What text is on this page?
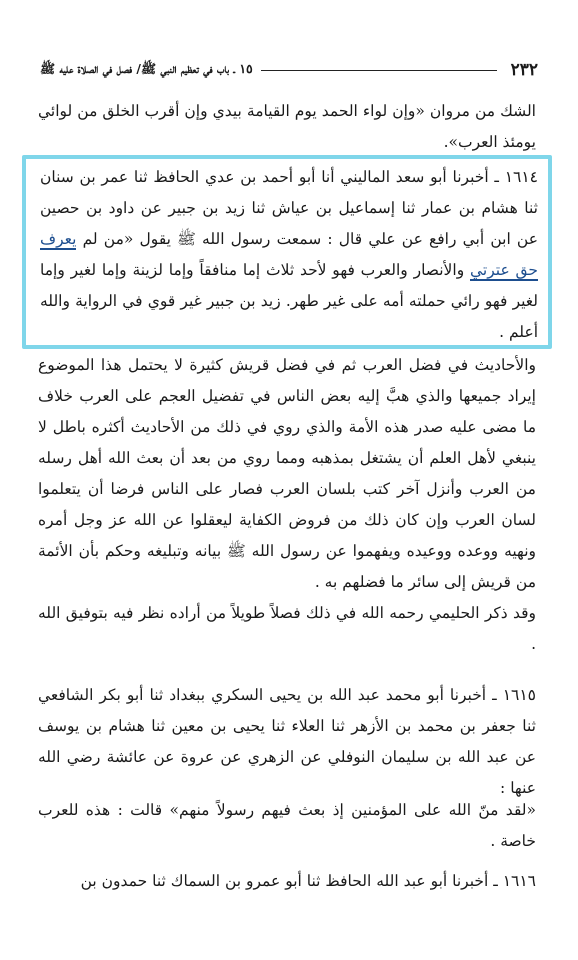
٢٣٢
١٥ ـ باب في تعظيم النبي ﷺ/ فصل في الصلاة عليه ﷺ

الشك من مروان «وإن لواء الحمد يوم القيامة بيدي وإن أقرب الخلق من لوائي يومئذ العرب».

١٦١٤ ـ أخبرنا أبو سعد الماليني أنا أبو أحمد بن عدي الحافظ ثنا عمر بن سنان ثنا هشام بن عمار ثنا إسماعيل بن عياش ثنا زيد بن جبير عن داود بن حصين عن ابن أبي رافع عن علي قال : سمعت رسول الله ﷺ يقول «من لم يعرف حق عترتي والأنصار والعرب فهو لأحد ثلاث إما منافقاً وإما لزينة وإما لغير وإما لغير فهو رائي حملته أمه على غير طهر. زيد بن جبير غير قوي في الرواية والله أعلم .

والأحاديث في فضل العرب ثم في فضل قريش كثيرة لا يحتمل هذا الموضوع إيراد جميعها والذي هبَّ إليه بعض الناس في تفضيل العجم على العرب خلاف ما مضى عليه صدر هذه الأمة والذي روي في ذلك من الأحاديث أكثره باطل لا ينبغي لأهل العلم أن يشتغل بمذهبه ومما روي من بعد أن بعث الله أهل رسله من العرب وأنزل آخر كتب بلسان العرب فصار على الناس فرضا أن يتعلموا لسان العرب وإن كان ذلك من فروض الكفاية ليعقلوا عن الله عز وجل أمره ونهيه ووعده ووعيده ويفهموا عن رسول الله ﷺ بيانه وتبليغه وحكم بأن الأئمة من قريش إلى سائر ما فضلهم به .

وقد ذكر الحليمي رحمه الله في ذلك فصلاً طويلاً من أراده نظر فيه بتوفيق الله .

١٦١٥ ـ أخبرنا أبو محمد عبد الله بن يحيى السكري ببغداد ثنا أبو بكر الشافعي ثنا جعفر بن محمد بن الأزهر ثنا العلاء ثنا يحيى بن معين ثنا هشام بن يوسف عن عبد الله بن سليمان النوفلي عن الزهري عن عروة عن عائشة رضي الله عنها :

«لقد منّ الله على المؤمنين إذ بعث فيهم رسولاً منهم» قالت : هذه للعرب خاصة .

١٦١٦ ـ أخبرنا أبو عبد الله الحافظ ثنا أبو عمرو بن السماك ثنا حمدون بن
